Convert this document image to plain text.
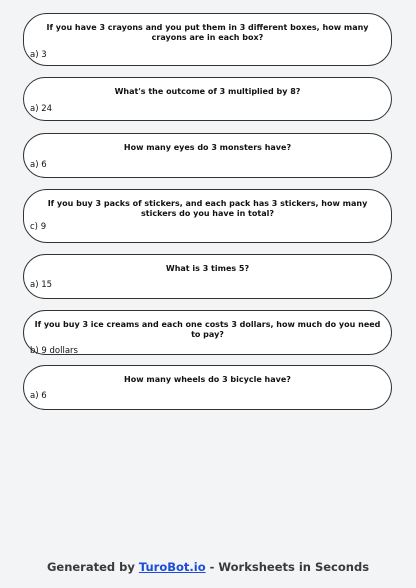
If you have 3 crayons and you put them in 3 different boxes, how many crayons are in each box?
a) 3
What's the outcome of 3 multiplied by 8?
a) 24
How many eyes do 3 monsters have?
a) 6
If you buy 3 packs of stickers, and each pack has 3 stickers, how many stickers do you have in total?
c) 9
What is 3 times 5?
a) 15
If you buy 3 ice creams and each one costs 3 dollars, how much do you need to pay?
b) 9 dollars
How many wheels do 3 bicycle have?
a) 6
Generated by TuroBot.io - Worksheets in Seconds
